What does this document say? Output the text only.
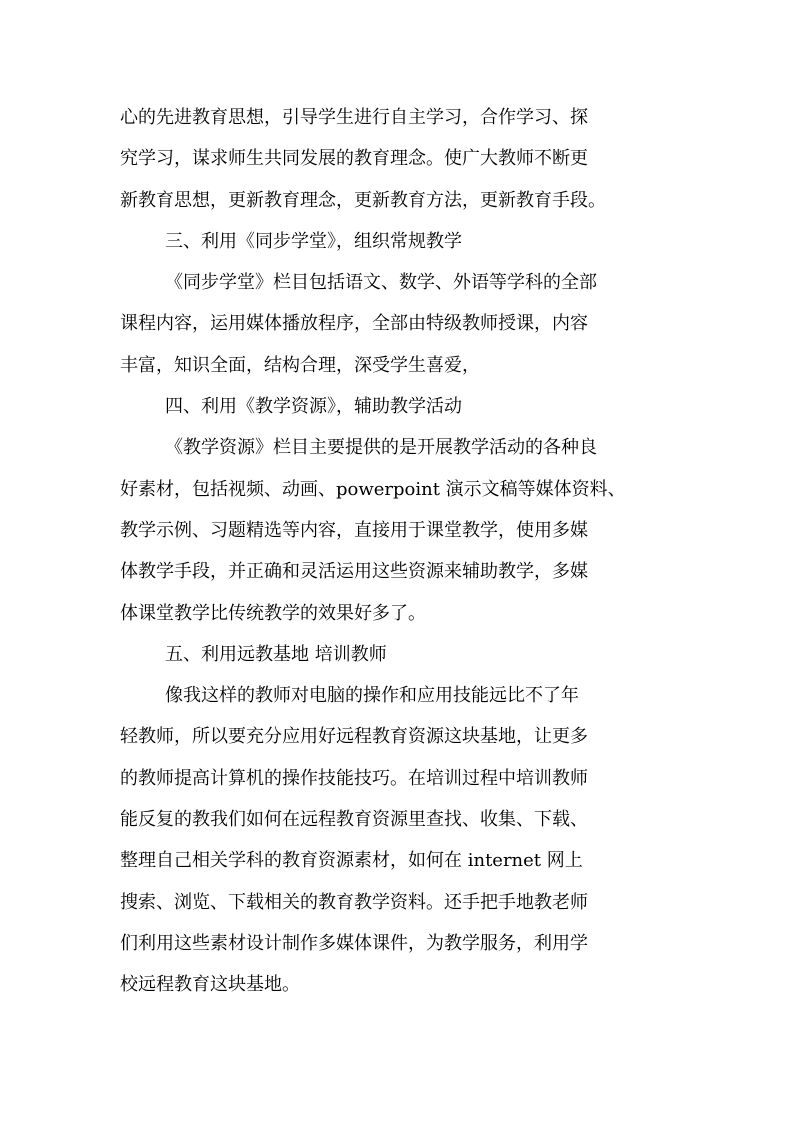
心的先进教育思想，引导学生进行自主学习，合作学习、探
究学习，谋求师生共同发展的教育理念。使广大教师不断更
新教育思想，更新教育理念，更新教育方法，更新教育手段。
三、利用《同步学堂》，组织常规教学
《同步学堂》栏目包括语文、数学、外语等学科的全部
课程内容，运用媒体播放程序，全部由特级教师授课，内容
丰富，知识全面，结构合理，深受学生喜爱，
四、利用《教学资源》，辅助教学活动
《教学资源》栏目主要提供的是开展教学活动的各种良
好素材，包括视频、动画、powerpoint 演示文稿等媒体资料、
教学示例、习题精选等内容，直接用于课堂教学，使用多媒
体教学手段，并正确和灵活运用这些资源来辅助教学，多媒
体课堂教学比传统教学的效果好多了。
五、利用远教基地 培训教师
像我这样的教师对电脑的操作和应用技能远比不了年
轻教师，所以要充分应用好远程教育资源这块基地，让更多
的教师提高计算机的操作技能技巧。在培训过程中培训教师
能反复的教我们如何在远程教育资源里查找、收集、下载、
整理自己相关学科的教育资源素材，如何在 internet 网上
搜索、浏览、下载相关的教育教学资料。还手把手地教老师
们利用这些素材设计制作多媒体课件，为教学服务，利用学
校远程教育这块基地。
